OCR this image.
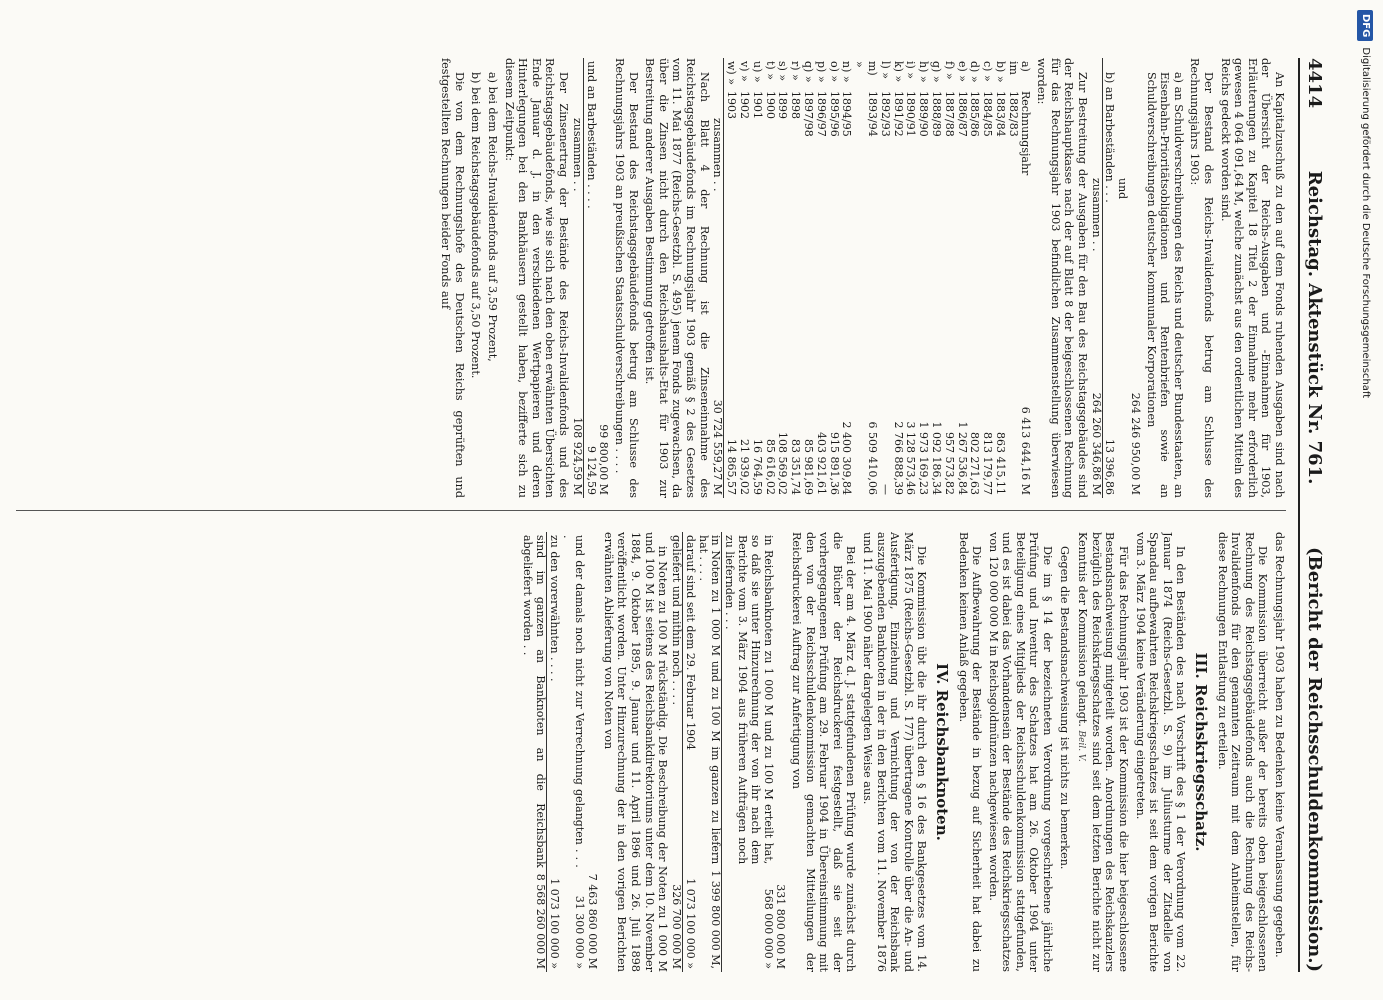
4414
Reichstag. Aktenstück Nr. 761.
(Bericht der Reichsschuldenkommission.)

An Kapitalzuschuß zu den auf dem Fonds ruhenden Ausgaben sind nach der Übersicht der Reichs-Ausgaben und -Einnahmen für 1903, Erläuterungen zu Kapitel 18 Titel 2 der Einnahme mehr erforderlich gewesen 4 064 091,64 M, welche zunächst aus den ordentlichen Mitteln des Reichs gedeckt worden sind.

Der Bestand des Reichs-Invalidenfonds betrug am Schlusse des Rechnungsjahrs 1903:

a) an Schuldverschreibungen des Reichs und deutscher Bundesstaaten, an Eisenbahn-Prioritätsobligationen und Rentenbriefen sowie an Schuldverschreibungen deutscher kommunaler Korporationen

	264 246 950,00 M
und	
b) an Barbeständen . . .	13 396,86
zusammen . .	264 260 346,86 M

Zur Bestreitung der Ausgaben für den Bau des Reichstagsgebäudes sind der Reichshauptkasse nach der auf Blatt 8 der beigeschlossenen Rechnung für das Rechnungsjahr 1903 befindlichen Zusammenstellung überwiesen worden:

a) im	Rechnungsjahr 1882/83	6 413 644,16 M
b) »	1883/84	863 415,11
c) »	1884/85	813 179,77
d) »	1885/86	802 271,63
e) »	1886/87	1 267 536,84
f) »	1887/88	957 573,82
g) »	1888/89	1 092 186,34
h) »	1889/90	1 973 169,23
i) »	1890/91	3 128 573,46
k) »	1891/92	2 766 888,39
l) »	1892/93	—
m) »	1893/94	6 509 410,06
n) »	1894/95	2 400 309,84
o) »	1895/96	915 891,36
p) »	1896/97	403 921,61
q) »	1897/98	85 981,69
r) »	1898	83 351,74
s) »	1899	108 569,02
t) »	1900	85 616,02
u) »	1901	16 764,59
v) »	1902	21 939,02
w) »	1903	14 865,57
zusammen . .	30 724 559,27 M

Nach Blatt 4 der Rechnung ist die Zinseneinnahme des Reichstagsgebäudefonds im Rechnungsjahr 1903 gemäß § 2 des Gesetzes vom 11. Mai 1877 (Reichs-Gesetzbl. S. 495) jenem Fonds zugewachsen, da über die Zinsen nicht durch den Reichshaushalts-Etat für 1903 zur Bestreitung anderer Ausgaben Bestimmung getroffen ist.

Der Bestand des Reichstagsgebäudefonds betrug am Schlusse des Rechnungsjahrs 1903 an preußischen Staatsschuldverschreibungen . . . .

	99 800,00 M
und an Barbeständen . . . .	9 124,59
zusammen . .	108 924,59 M

Der Zinsenertrag der Bestände des Reichs-Invalidenfonds und des Reichstagsgebäudefonds, wie sie sich nach den oben erwähnten Übersichten Ende Januar d. J. in den verschiedenen Wertpapieren und deren Hinterlegungen bei den Bankhäusern gestellt haben, bezifferte sich zu diesem Zeitpunkt:

a) bei dem Reichs-Invalidenfonds auf 3,59 Prozent,

b) bei dem Reichstagsgebäudefonds auf 3,50 Prozent.

Die von dem Rechnungshofe des Deutschen Reichs geprüften und festgestellten Rechnungen beider Fonds auf

das Rechnungsjahr 1903 haben zu Bedenken keine Veranlassung gegeben.

Die Kommission überreicht außer der bereits oben beigeschlossenen Rechnung des Reichstagsgebäudefonds auch die Rechnung des Reichs-Invalidenfonds für den genannten Zeitraum mit dem Anheimstellen, für diese Rechnungen Entlastung zu erteilen.

III. Reichskriegsschatz.

In den Beständen des nach Vorschrift des § 1 der Verordnung vom 22. Januar 1874 (Reichs-Gesetzbl. S. 9) im Juliusturme der Zitadelle von Spandau aufbewahrten Reichskriegsschatzes ist seit dem vorigen Berichte vom 3. März 1904 keine Veränderung eingetreten.

Für das Rechnungsjahr 1903 ist der Kommission die hier beigeschlossene Bestandsnachweisung mitgeteilt worden. Anordnungen des Reichskanzlers bezüglich des Reichskriegsschatzes sind seit dem letzten Berichte nicht zur Kenntnis der Kommission gelangt. Beil. V.

Gegen die Bestandsnachweisung ist nichts zu bemerken.

Die im § 14 der bezeichneten Verordnung vorgeschriebene jährliche Prüfung und Inventur des Schatzes hat am 26. Oktober 1904 unter Beteiligung eines Mitglieds der Reichsschuldenkommission stattgefunden, und es ist dabei das Vorhandensein der Bestände des Reichskriegsschatzes von 120 000 000 M in Reichsgoldmünzen nachgewiesen worden.

Die Aufbewahrung der Bestände in bezug auf Sicherheit hat dabei zu Bedenken keinen Anlaß gegeben.

IV. Reichsbanknoten.

Die Kommission übt die ihr durch den § 16 des Bankgesetzes vom 14. März 1875 (Reichs-Gesetzbl. S. 177) übertragene Kontrolle über die An- und Ausfertigung, Einziehung und Vernichtung der von der Reichsbank auszugebenden Banknoten in der in den Berichten vom 11. November 1876 und 11. Mai 1900 näher dargelegten Weise aus.

Bei der am 4. März d. J. stattgefundenen Prüfung wurde zunächst durch die Bücher der Reichsdruckerei festgestellt, daß sie seit der vorhergegangenen Prüfung am 29. Februar 1904 in Übereinstimmung mit den von der Reichsschuldenkommission gemachten Mitteilungen der Reichsdruckerei Auftrag zur Anfertigung von

	331 800 000 M
in Reichsbanknoten zu 1 000 M und zu 100 M erteilt hat, so daß sie unter Hinzurechnung der von ihr nach dem Berichte vom 3. März 1904 aus früheren Aufträgen noch zu liefernden . . .	568 000 000 »
in Noten zu 1 000 M und zu 100 M im ganzen zu liefern hat . . . .	1 399 800 000 M,
darauf sind seit dem 29. Februar 1904	1 073 100 000 »
geliefert und mithin noch . . . .	326 700 000 M

in Noten zu 100 M rückständig. Die Beschreibung der Noten zu 1 000 M und 100 M ist seitens des Reichsbankdirektoriums unter dem 10. November 1884, 9. Oktober 1895, 9. Januar und 11. April 1896 und 26. Juli 1898 veröffentlicht worden. Unter Hinzurechnung der in den vorigen Berichten erwähnten Ablieferung von Noten von

	7 463 860 000 M
und der damals noch nicht zur Verrechnung gelangten . . . .	31 300 000 »
zu den vorerwähnten . . . .	1 073 100 000 »
sind im ganzen an Banknoten an die Reichsbank abgeliefert worden . .	8 568 260 000 M
DFGDigitalisierung gefördert durch die Deutsche Forschungsgemeinschaft
